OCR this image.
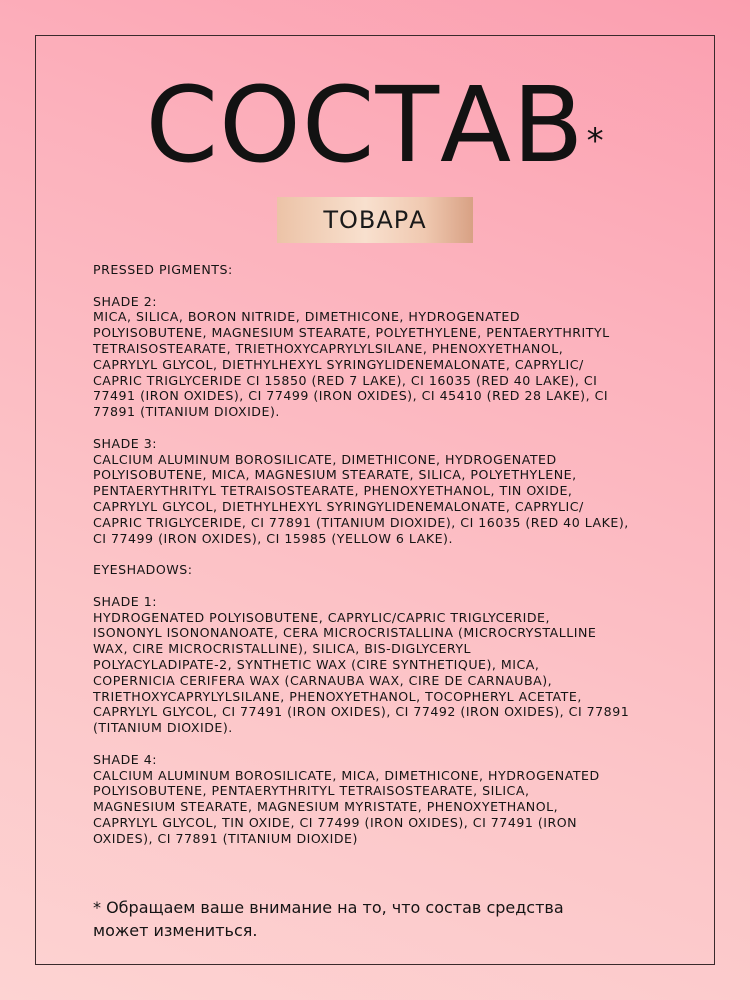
СОСТАВ*
ТОВАРА
PRESSED PIGMENTS:
SHADE 2:
MICA, SILICA, BORON NITRIDE, DIMETHICONE, HYDROGENATED
POLYISOBUTENE, MAGNESIUM STEARATE, POLYETHYLENE, PENTAERYTHRITYL
TETRAISOSTEARATE, TRIETHOXYCAPRYLYLSILANE, PHENOXYETHANOL,
CAPRYLYL GLYCOL, DIETHYLHEXYL SYRINGYLIDENEMALONATE, CAPRYLIC/
CAPRIC TRIGLYCERIDE CI 15850 (RED 7 LAKE), CI 16035 (RED 40 LAKE), CI
77491 (IRON OXIDES), CI 77499 (IRON OXIDES), CI 45410 (RED 28 LAKE), CI
77891 (TITANIUM DIOXIDE).
SHADE 3:
CALCIUM ALUMINUM BOROSILICATE, DIMETHICONE, HYDROGENATED
POLYISOBUTENE, MICA, MAGNESIUM STEARATE, SILICA, POLYETHYLENE,
PENTAERYTHRITYL TETRAISOSTEARATE, PHENOXYETHANOL, TIN OXIDE,
CAPRYLYL GLYCOL, DIETHYLHEXYL SYRINGYLIDENEMALONATE, CAPRYLIC/
CAPRIC TRIGLYCERIDE, CI 77891 (TITANIUM DIOXIDE), CI 16035 (RED 40 LAKE),
CI 77499 (IRON OXIDES), CI 15985 (YELLOW 6 LAKE).
EYESHADOWS:
SHADE 1:
HYDROGENATED POLYISOBUTENE, CAPRYLIC/CAPRIC TRIGLYCERIDE,
ISONONYL ISONONANOATE, CERA MICROCRISTALLINA (MICROCRYSTALLINE
WAX, CIRE MICROCRISTALLINE), SILICA, BIS-DIGLYCERYL
POLYACYLADIPATE-2, SYNTHETIC WAX (CIRE SYNTHETIQUE), MICA,
COPERNICIA CERIFERA WAX (CARNAUBA WAX, CIRE DE CARNAUBA),
TRIETHOXYCAPRYLYLSILANE, PHENOXYETHANOL, TOCOPHERYL ACETATE,
CAPRYLYL GLYCOL, CI 77491 (IRON OXIDES), CI 77492 (IRON OXIDES), CI 77891
(TITANIUM DIOXIDE).
SHADE 4:
CALCIUM ALUMINUM BOROSILICATE, MICA, DIMETHICONE, HYDROGENATED
POLYISOBUTENE, PENTAERYTHRITYL TETRAISOSTEARATE, SILICA,
MAGNESIUM STEARATE, MAGNESIUM MYRISTATE, PHENOXYETHANOL,
CAPRYLYL GLYCOL, TIN OXIDE, CI 77499 (IRON OXIDES), CI 77491 (IRON
OXIDES), CI 77891 (TITANIUM DIOXIDE)

* Обращаем ваше внимание на то, что состав средства
может измениться.
